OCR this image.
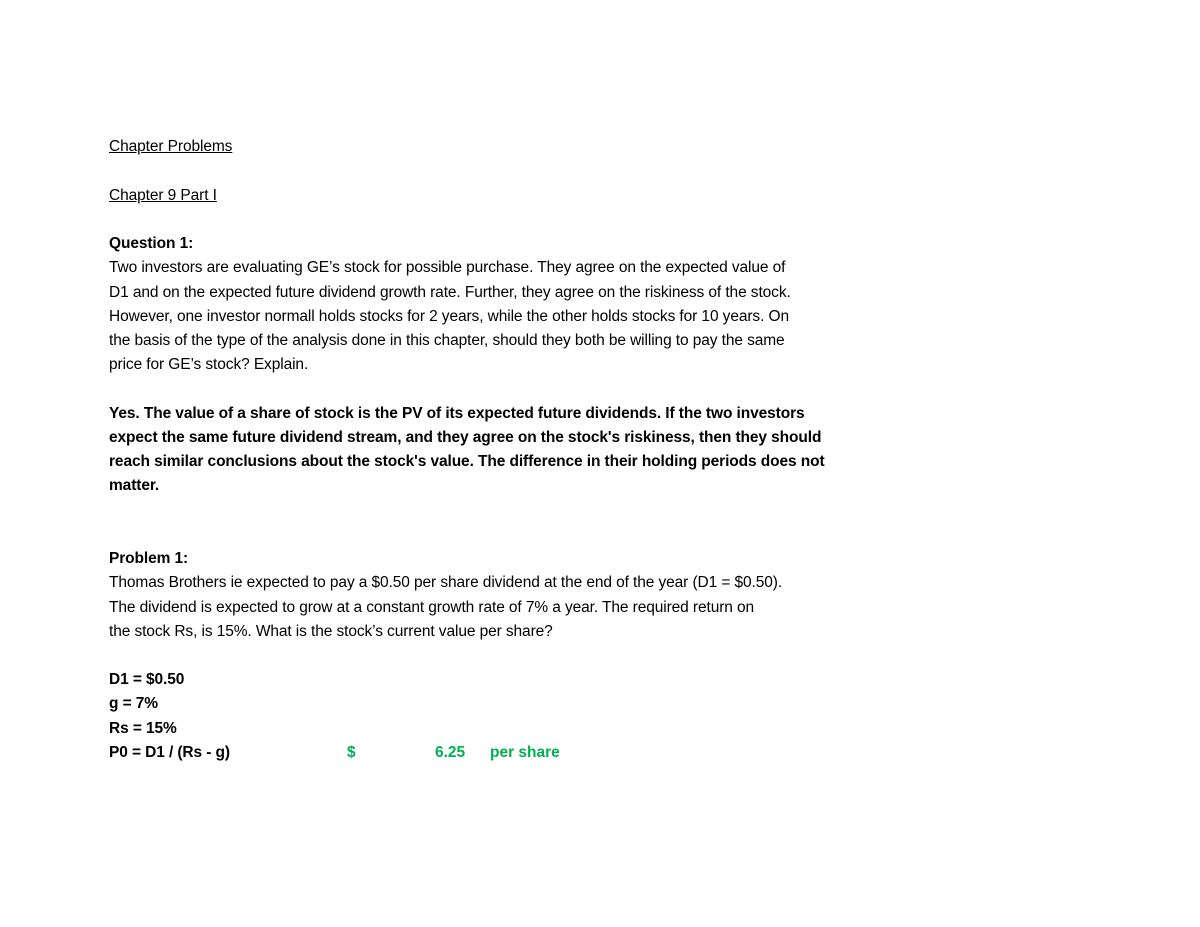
Chapter Problems
Chapter 9 Part I
Question 1:
Two investors are evaluating GE’s stock for possible purchase. They agree on the expected value of
D1 and on the expected future dividend growth rate. Further, they agree on the riskiness of the stock.
However, one investor normall holds stocks for 2 years, while the other holds stocks for 10 years. On
the basis of the type of the analysis done in this chapter, should they both be willing to pay the same
price for GE’s stock? Explain.
Yes. The value of a share of stock is the PV of its expected future dividends. If the two investors
expect the same future dividend stream, and they agree on the stock's riskiness, then they should
reach similar conclusions about the stock's value. The difference in their holding periods does not
matter.
Problem 1:
Thomas Brothers ie expected to pay a $0.50 per share dividend at the end of the year (D1 = $0.50).
The dividend is expected to grow at a constant growth rate of 7% a year. The required return on
the stock Rs, is 15%. What is the stock’s current value per share?
D1 = $0.50
g = 7%
Rs = 15%
P0 = D1 / (Rs - g)	$	6.25 per share
